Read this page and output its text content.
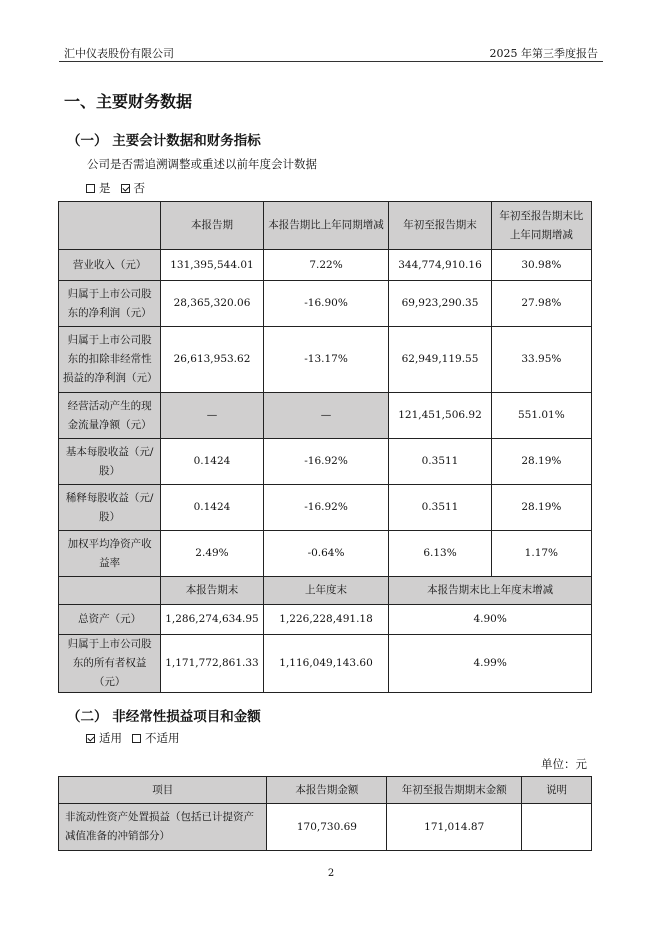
汇中仪表股份有限公司	2025 年第三季度报告
一、主要财务数据
（一） 主要会计数据和财务指标
公司是否需追溯调整或重述以前年度会计数据
是 否
	本报告期	本报告期比上年同期增减	年初至报告期末	年初至报告期末比上年同期增减
营业收入（元）	131,395,544.01	7.22%	344,774,910.16	30.98%
归属于上市公司股东的净利润（元）	28,365,320.06	-16.90%	69,923,290.35	27.98%
归属于上市公司股东的扣除非经常性损益的净利润（元）	26,613,953.62	-13.17%	62,949,119.55	33.95%
经营活动产生的现金流量净额（元）	—	—	121,451,506.92	551.01%
基本每股收益（元/股）	0.1424	-16.92%	0.3511	28.19%
稀释每股收益（元/股）	0.1424	-16.92%	0.3511	28.19%
加权平均净资产收益率	2.49%	-0.64%	6.13%	1.17%
	本报告期末	上年度末	本报告期末比上年度末增减	
总资产（元）	1,286,274,634.95	1,226,228,491.18	4.90%	
归属于上市公司股东的所有者权益（元）	1,171,772,861.33	1,116,049,143.60	4.99%	
（二） 非经常性损益项目和金额
适用 不适用
单位：元
项目	本报告期金额	年初至报告期期末金额	说明
非流动性资产处置损益（包括已计提资产减值准备的冲销部分）	170,730.69	171,014.87	
2
